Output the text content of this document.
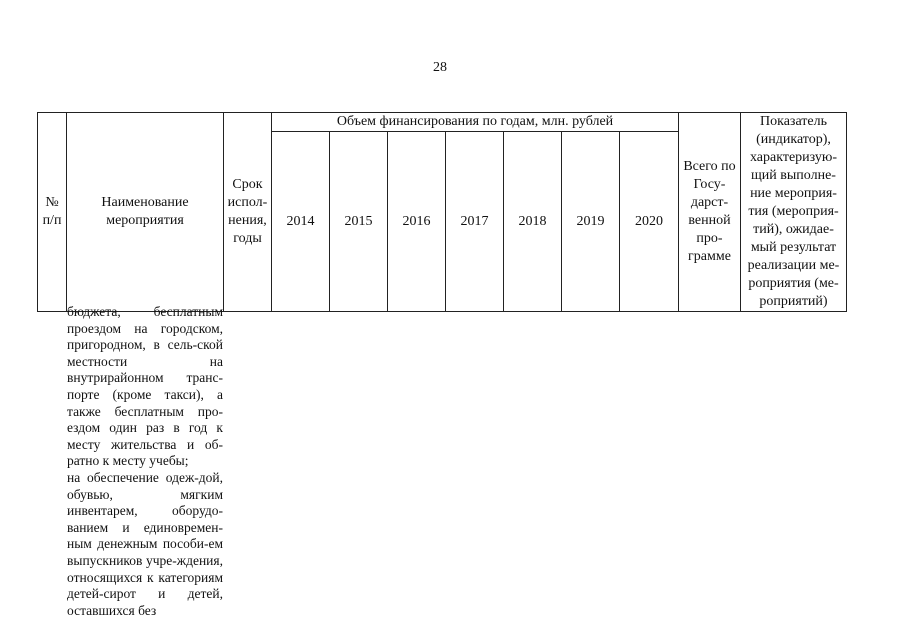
28
№ п/п	Наименование мероприятия	Срок испол-нения, годы	Объем финансирования по годам, млн. рублей							Всего по Госу-дарст-венной про-грамме	Показатель (индикатор), характеризую-щий выполне-ние мероприя-тия (мероприя-тий), ожидае-мый результат реализации ме-роприятия (ме-роприятий)
			2014	2015	2016	2017	2018	2019	2020		

бюджета, бесплатным проездом на городском, пригородном, в сель-ской местности на внутрирайонном транс-порте (кроме такси), а также бесплатным про-ездом один раз в год к месту жительства и об-ратно к месту учебы;

на обеспечение одеж-дой, обувью, мягким инвентарем, оборудо-ванием и единовремен-ным денежным пособи-ем выпускников учре-ждения, относящихся к категориям детей-сирот и детей, оставшихся без
